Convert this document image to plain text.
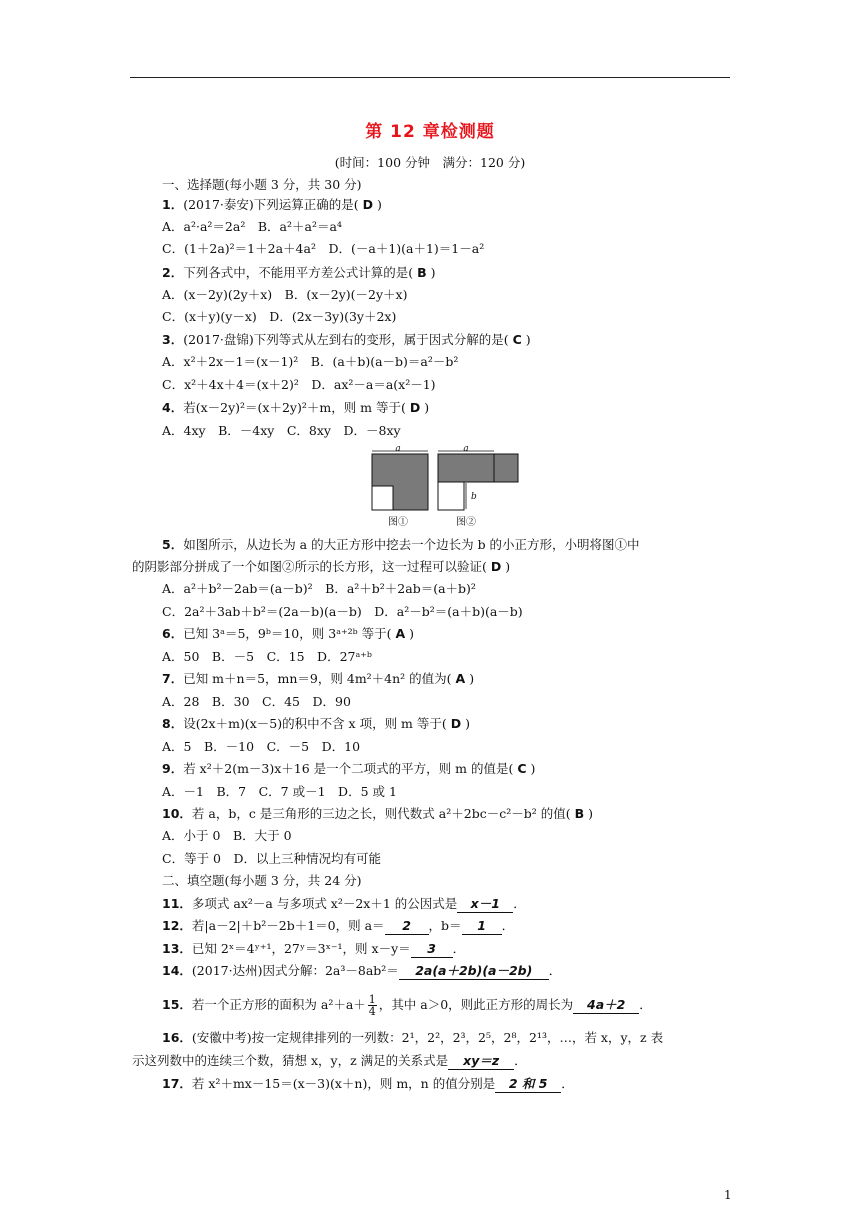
第 12 章检测题
(时间：100 分钟　满分：120 分)
一、选择题(每小题 3 分，共 30 分)
1．(2017·泰安)下列运算正确的是( D )
A．a²·a²＝2a²　B．a²＋a²＝a⁴
C．(1＋2a)²＝1＋2a＋4a²　D．(－a＋1)(a＋1)＝1－a²
2．下列各式中，不能用平方差公式计算的是( B )
A．(x－2y)(2y＋x)　B．(x－2y)(－2y＋x)
C．(x＋y)(y－x)　D．(2x－3y)(3y＋2x)
3．(2017·盘锦)下列等式从左到右的变形，属于因式分解的是( C )
A．x²＋2x－1＝(x－1)²　B．(a＋b)(a－b)＝a²－b²
C．x²＋4x＋4＝(x＋2)²　D．ax²－a＝a(x²－1)
4．若(x－2y)²＝(x＋2y)²＋m，则 m 等于( D )
A．4xy　B．－4xy　C．8xy　D．－8xy
a
图①
a
b
图②
5．如图所示，从边长为 a 的大正方形中挖去一个边长为 b 的小正方形，小明将图①中
的阴影部分拼成了一个如图②所示的长方形，这一过程可以验证( D )
A．a²＋b²－2ab＝(a－b)²　B．a²＋b²＋2ab＝(a＋b)²
C．2a²＋3ab＋b²＝(2a－b)(a－b)　D．a²－b²＝(a＋b)(a－b)
6．已知 3ᵃ＝5，9ᵇ＝10，则 3ᵃ⁺²ᵇ 等于( A )
A．50　B．－5　C．15　D．27ᵃ⁺ᵇ
7．已知 m＋n＝5，mn＝9，则 4m²＋4n² 的值为( A )
A．28　B．30　C．45　D．90
8．设(2x＋m)(x－5)的积中不含 x 项，则 m 等于( D )
A．5　B．－10　C．－5　D．10
9．若 x²＋2(m－3)x＋16 是一个二项式的平方，则 m 的值是( C )
A．－1　B．7　C．7 或－1　D．5 或 1
10．若 a，b，c 是三角形的三边之长，则代数式 a²＋2bc－c²－b² 的值( B )
A．小于 0　B．大于 0
C．等于 0　D．以上三种情况均有可能
二、填空题(每小题 3 分，共 24 分)
11．多项式 ax²－a 与多项式 x²－2x＋1 的公因式是 x－1 ．
12．若|a－2|＋b²－2b＋1＝0，则 a＝ 2 ，b＝ 1 ．
13．已知 2ˣ＝4ʸ⁺¹，27ʸ＝3ˣ⁻¹，则 x－y＝ 3 ．
14．(2017·达州)因式分解：2a³－8ab²＝ 2a(a＋2b)(a－2b) ．
15．若一个正方形的面积为 $a^2+a+ \frac{1}{4}$ ，其中 a＞0，则此正方形的周长为 4a＋2 ．
16．(安徽中考)按一定规律排列的一列数：2¹，2²，2³，2⁵，2⁸，2¹³，…，若 x，y，z 表
示这列数中的连续三个数，猜想 x，y，z 满足的关系式是 xy＝z ．
17．若 x²＋mx－15＝(x－3)(x＋n)，则 m，n 的值分别是 2 和 5 ．
1
